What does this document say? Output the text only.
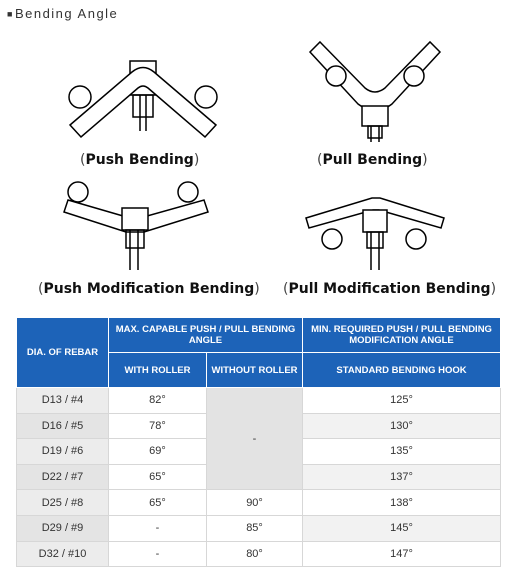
■Bending Angle
(Push Bending)	(Pull Bending)
(Push Modification Bending) (Pull Modification Bending)
DIA. OF REBAR	MAX. CAPABLE PUSH / PULL BENDING ANGLE		MIN. REQUIRED PUSH / PULL BENDING MODIFICATION ANGLE
	WITH ROLLER	WITHOUT ROLLER	STANDARD BENDING HOOK
D13 / #4	82°	-	125°
D16 / #5	78°		130°
D19 / #6	69°		135°
D22 / #7	65°		137°
D25 / #8	65°	90°	138°
D29 / #9	-	85°	145°
D32 / #10	-	80°	147°
